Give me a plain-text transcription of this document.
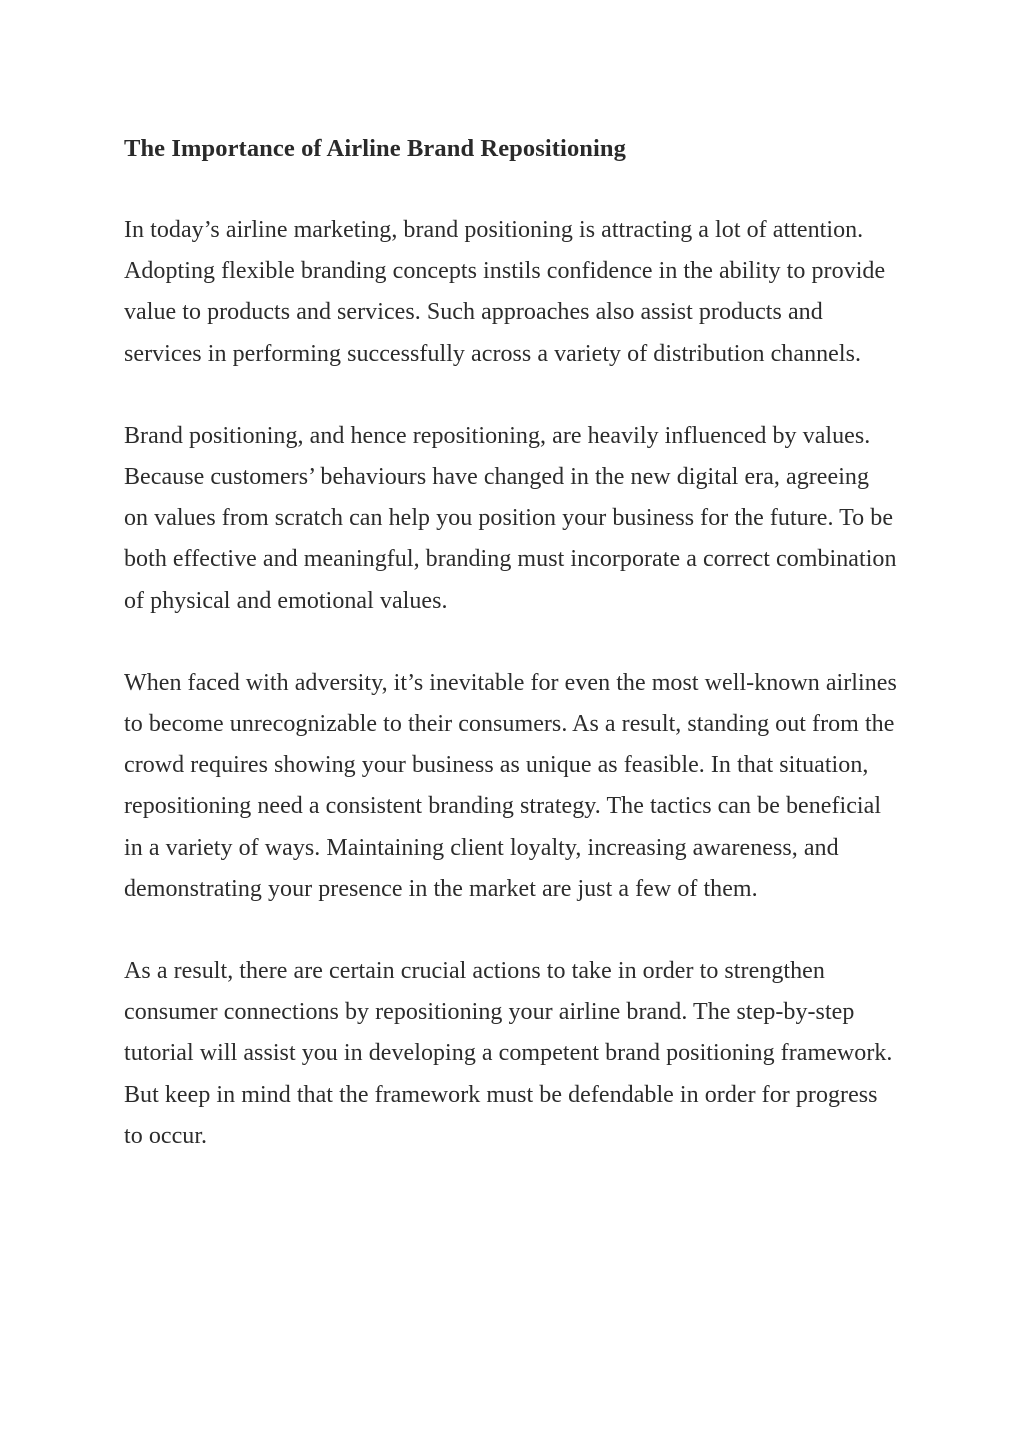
The Importance of Airline Brand Repositioning

In today’s airline marketing, brand positioning is attracting a lot of attention. Adopting flexible branding concepts instils confidence in the ability to provide value to products and services. Such approaches also assist products and services in performing successfully across a variety of distribution channels.

Brand positioning, and hence repositioning, are heavily influenced by values. Because customers’ behaviours have changed in the new digital era, agreeing on values from scratch can help you position your business for the future. To be both effective and meaningful, branding must incorporate a correct combination of physical and emotional values.

When faced with adversity, it’s inevitable for even the most well-known airlines to become unrecognizable to their consumers. As a result, standing out from the crowd requires showing your business as unique as feasible. In that situation, repositioning need a consistent branding strategy. The tactics can be beneficial in a variety of ways. Maintaining client loyalty, increasing awareness, and demonstrating your presence in the market are just a few of them.

As a result, there are certain crucial actions to take in order to strengthen consumer connections by repositioning your airline brand. The step-by-step tutorial will assist you in developing a competent brand positioning framework. But keep in mind that the framework must be defendable in order for progress to occur.
